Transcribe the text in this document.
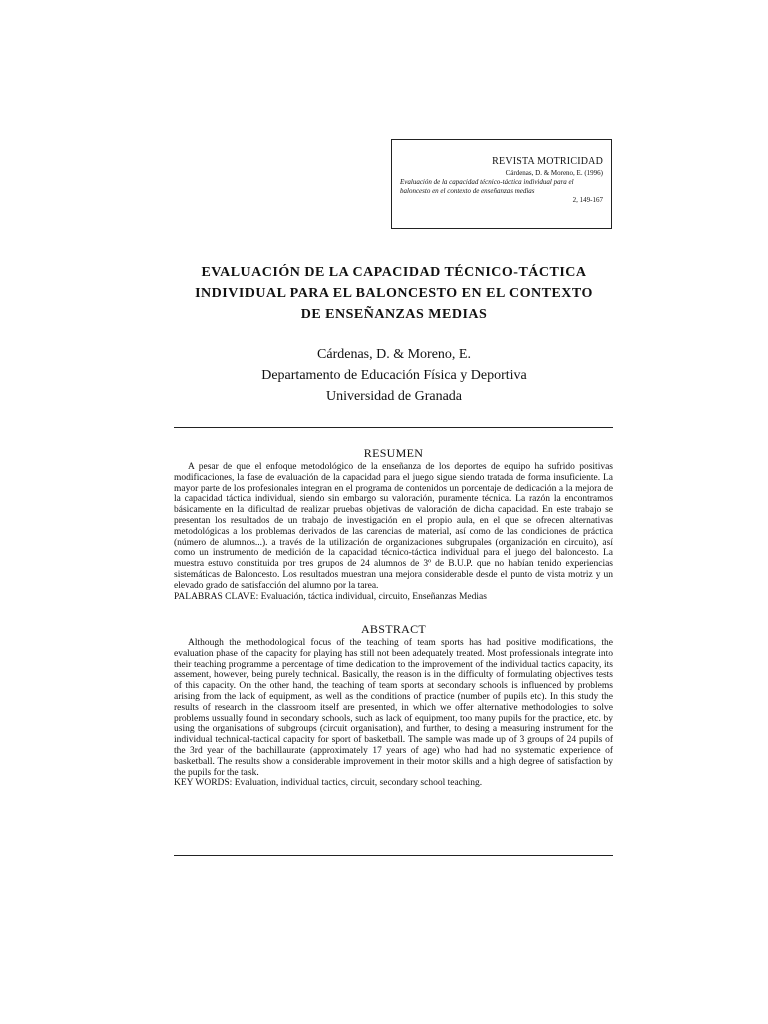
REVISTA MOTRICIDAD
Cárdenas, D. & Moreno, E. (1996)
Evaluación de la capacidad técnico-táctica individual para el baloncesto en el contexto de enseñanzas medias
2, 149-167
EVALUACIÓN DE LA CAPACIDAD TÉCNICO-TÁCTICA
INDIVIDUAL PARA EL BALONCESTO EN EL CONTEXTO
DE ENSEÑANZAS MEDIAS
Cárdenas, D. & Moreno, E.
Departamento de Educación Física y Deportiva
Universidad de Granada
RESUMEN

A pesar de que el enfoque metodológico de la enseñanza de los deportes de equipo ha sufrido positivas modificaciones, la fase de evaluación de la capacidad para el juego sigue siendo tratada de forma insuficiente. La mayor parte de los profesionales integran en el programa de contenidos un porcentaje de dedicación a la mejora de la capacidad táctica individual, siendo sin embargo su valoración, puramente técnica. La razón la encontramos básicamente en la dificultad de realizar pruebas objetivas de valoración de dicha capacidad. En este trabajo se presentan los resultados de un trabajo de investigación en el propio aula, en el que se ofrecen alternativas metodológicas a los problemas derivados de las carencias de material, así como de las condiciones de práctica (número de alumnos...). a través de la utilización de organizaciones subgrupales (organización en circuito), así como un instrumento de medición de la capacidad técnico-táctica individual para el juego del baloncesto. La muestra estuvo constituida por tres grupos de 24 alumnos de 3º de B.U.P. que no habían tenido experiencias sistemáticas de Baloncesto. Los resultados muestran una mejora considerable desde el punto de vista motriz y un elevado grado de satisfacción del alumno por la tarea.

PALABRAS CLAVE: Evaluación, táctica individual, circuito, Enseñanzas Medias
ABSTRACT

Although the methodological focus of the teaching of team sports has had positive modifications, the evaluation phase of the capacity for playing has still not been adequately treated. Most professionals integrate into their teaching programme a percentage of time dedication to the improvement of the individual tactics capacity, its assement, however, being purely technical. Basically, the reason is in the difficulty of formulating objectives tests of this capacity. On the other hand, the teaching of team sports at secondary schools is influenced by problems arising from the lack of equipment, as well as the conditions of practice (number of pupils etc). In this study the results of research in the classroom itself are presented, in which we offer alternative methodologies to solve problems ussually found in secondary schools, such as lack of equipment, too many pupils for the practice, etc. by using the organisations of subgroups (circuit organisation), and further, to desing a measuring instrument for the individual technical-tactical capacity for sport of basketball. The sample was made up of 3 groups of 24 pupils of the 3rd year of the bachillaurate (approximately 17 years of age) who had had no systematic experience of basketball. The results show a considerable improvement in their motor skills and a high degree of satisfaction by the pupils for the task.

KEY WORDS: Evaluation, individual tactics, circuit, secondary school teaching.
